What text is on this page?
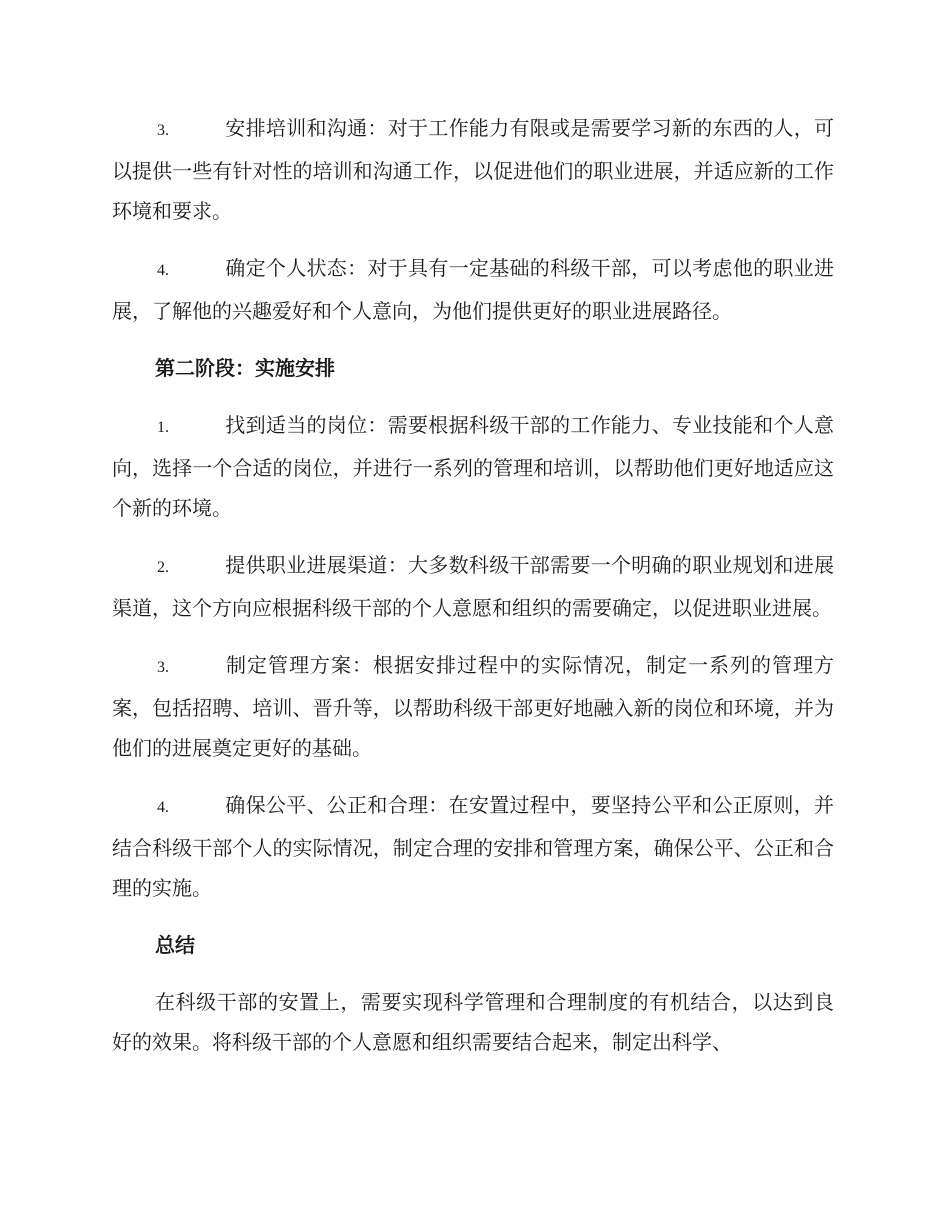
3.	安排培训和沟通：对于工作能力有限或是需要学习新的东西的人，可以提供一些有针对性的培训和沟通工作，以促进他们的职业进展，并适应新的工作环境和要求。

4.	确定个人状态：对于具有一定基础的科级干部，可以考虑他的职业进展，了解他的兴趣爱好和个人意向，为他们提供更好的职业进展路径。

第二阶段：实施安排

1.	找到适当的岗位：需要根据科级干部的工作能力、专业技能和个人意向，选择一个合适的岗位，并进行一系列的管理和培训，以帮助他们更好地适应这个新的环境。

2.	提供职业进展渠道：大多数科级干部需要一个明确的职业规划和进展渠道，这个方向应根据科级干部的个人意愿和组织的需要确定，以促进职业进展。

3.	制定管理方案：根据安排过程中的实际情况，制定一系列的管理方案，包括招聘、培训、晋升等，以帮助科级干部更好地融入新的岗位和环境，并为他们的进展奠定更好的基础。

4.	确保公平、公正和合理：在安置过程中，要坚持公平和公正原则，并结合科级干部个人的实际情况，制定合理的安排和管理方案，确保公平、公正和合理的实施。

总结

在科级干部的安置上，需要实现科学管理和合理制度的有机结合，以达到良好的效果。将科级干部的个人意愿和组织需要结合起来，制定出科学、
